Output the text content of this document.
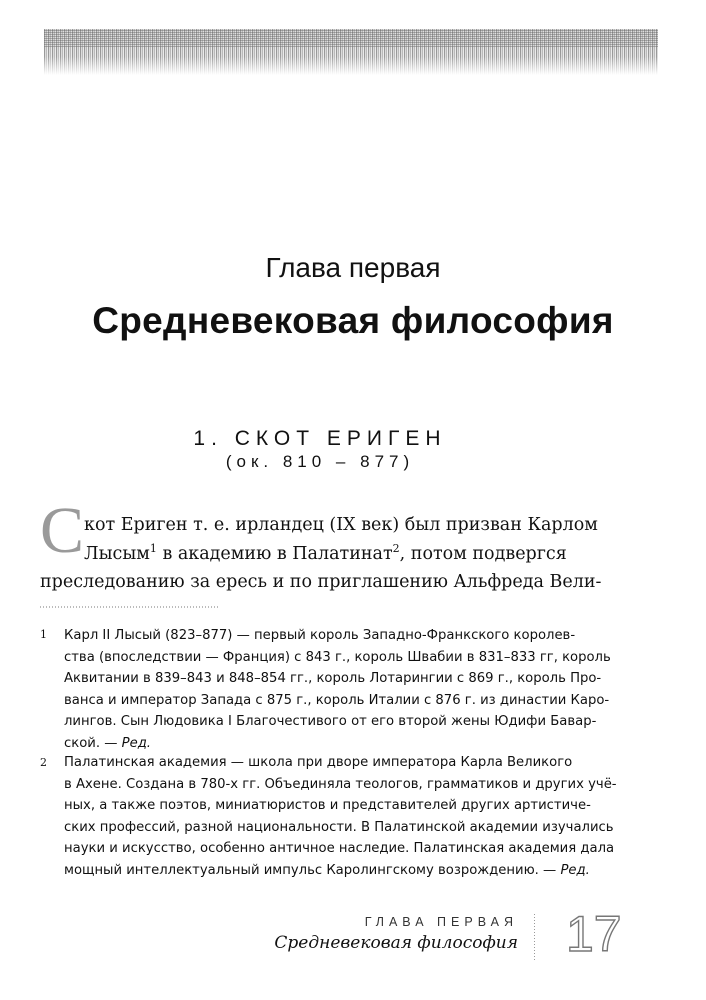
Глава первая
Средневековая философия
1. СКОТ ЕРИГЕН
(ок. 810 – 877)
С кот Ериген т. е. ирландец (IX век) был призван Карлом

Лысым$^1$ в академию в Палатинат$^2$, потом подвергся

преследованию за ересь и по приглашению Альфреда Вели-

1 Карл II Лысый (823–877) — первый король Западно-Франкского королев-
ства (впоследствии — Франция) с 843 г., король Швабии в 831–833 гг, король
Аквитании в 839–843 и 848–854 гг., король Лотарингии с 869 г., король Про-
ванса и император Запада с 875 г., король Италии с 876 г. из династии Каро-
лингов. Сын Людовика I Благочестивого от его второй жены Юдифи Бавар-
ской. — Ред.

2 Палатинская академия — школа при дворе императора Карла Великого
в Ахене. Создана в 780-х гг. Объединяла теологов, грамматиков и других учё-
ных, а также поэтов, миниатюристов и представителей других артистиче-
ских профессий, разной национальности. В Палатинской академии изучались
науки и искусство, особенно античное наследие. Палатинская академия дала
мощный интеллектуальный импульс Каролингскому возрождению. — Ред.

ГЛАВА ПЕРВАЯ
Средневековая философия 17
